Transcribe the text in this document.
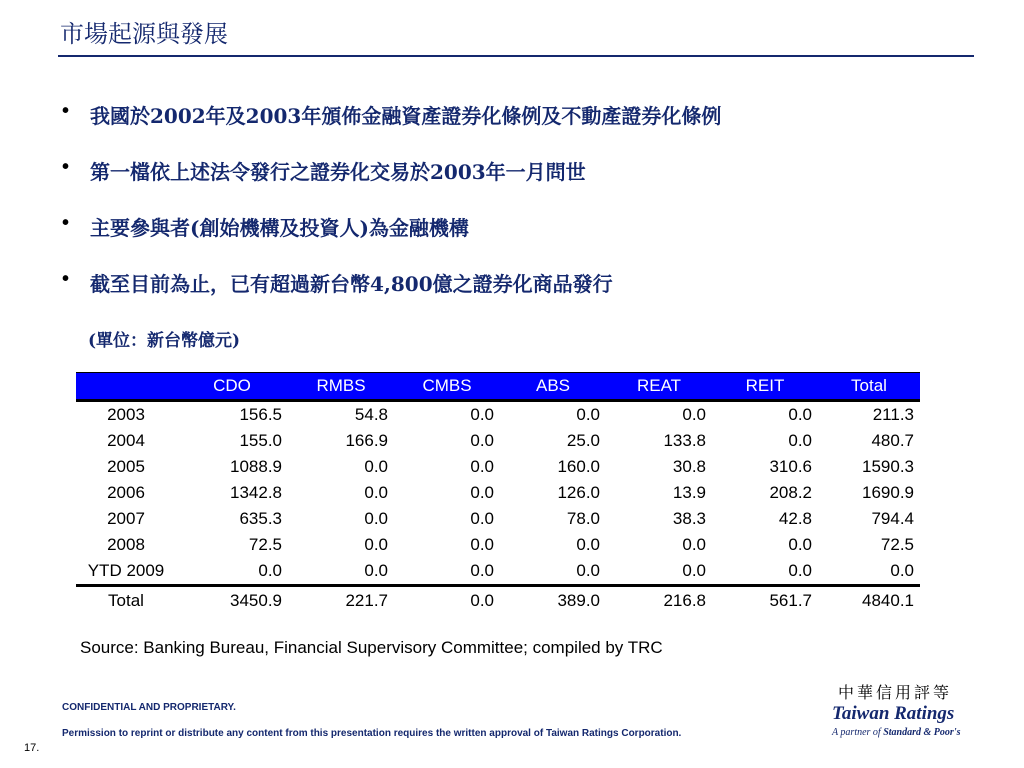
市場起源與發展
• 我國於2002年及2003年頒佈金融資產證券化條例及不動產證券化條例
• 第一檔依上述法令發行之證券化交易於2003年一月問世
• 主要參與者(創始機構及投資人)為金融機構
• 截至目前為止，已有超過新台幣4,800億之證券化商品發行
(單位：新台幣億元)
	CDO	RMBS	CMBS	ABS	REAT	REIT	Total
2003	156.5	54.8	0.0	0.0	0.0	0.0	211.3
2004	155.0	166.9	0.0	25.0	133.8	0.0	480.7
2005	1088.9	0.0	0.0	160.0	30.8	310.6	1590.3
2006	1342.8	0.0	0.0	126.0	13.9	208.2	1690.9
2007	635.3	0.0	0.0	78.0	38.3	42.8	794.4
2008	72.5	0.0	0.0	0.0	0.0	0.0	72.5
YTD 2009	0.0	0.0	0.0	0.0	0.0	0.0	0.0
Total	3450.9	221.7	0.0	389.0	216.8	561.7	4840.1
Source: Banking Bureau, Financial Supervisory Committee; compiled by TRC
CONFIDENTIAL AND PROPRIETARY.
Permission to reprint or distribute any content from this presentation requires the written approval of Taiwan Ratings Corporation.
17.
中華信用評等
Taiwan Ratings
A partner of Standard & Poor's
